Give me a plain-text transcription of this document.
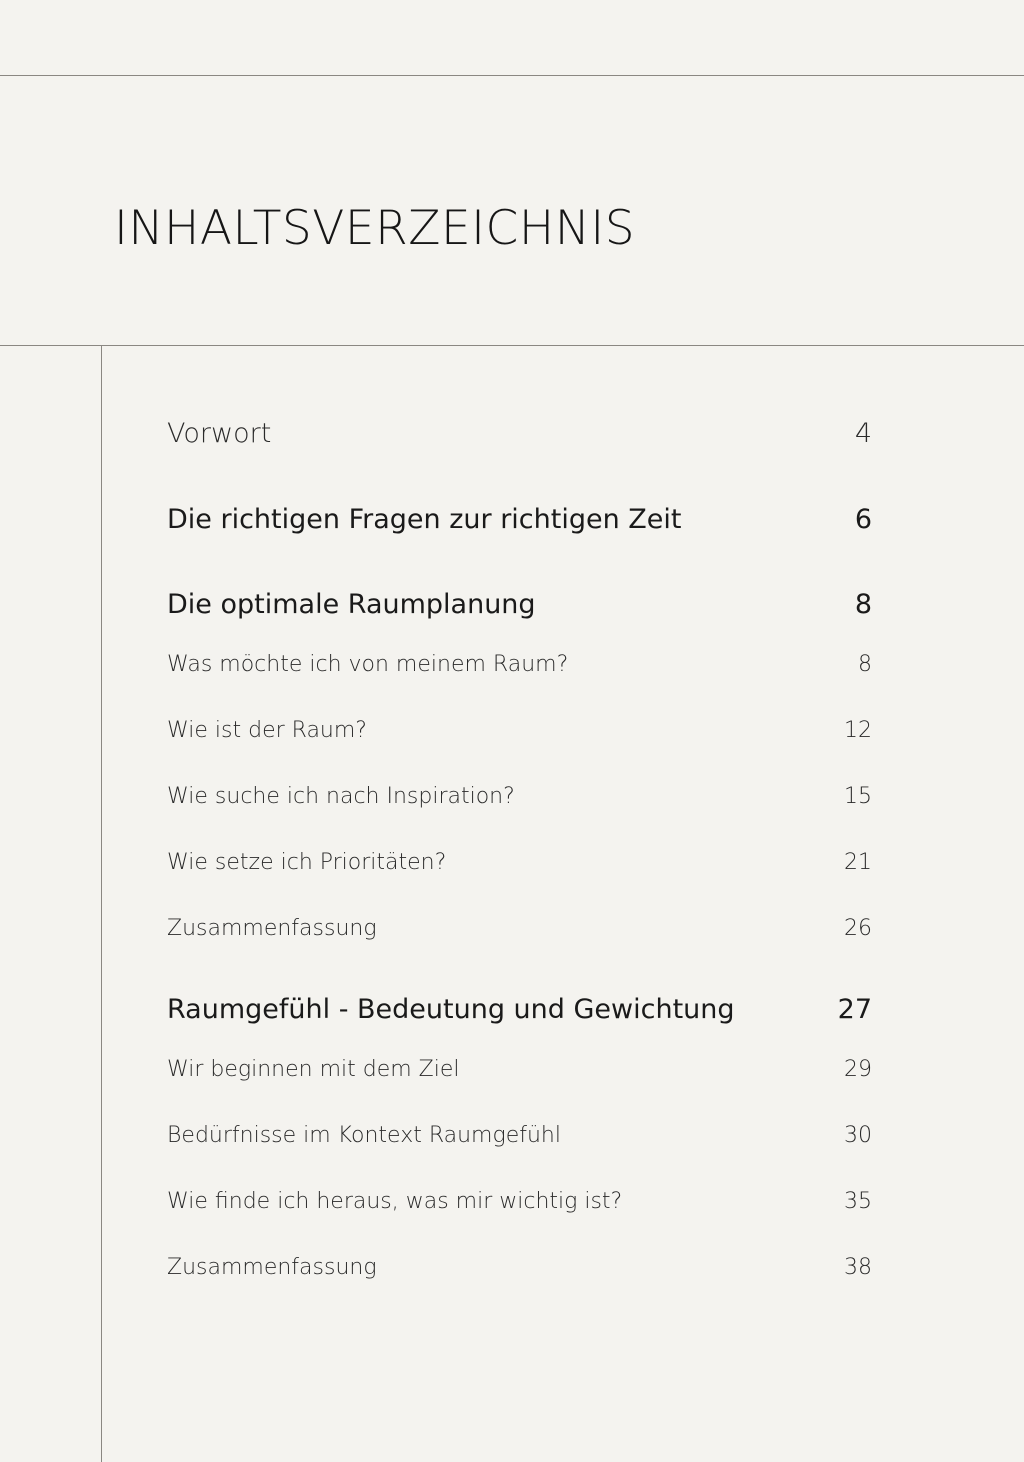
INHALTSVERZEICHNIS
Vorwort	4
Die richtigen Fragen zur richtigen Zeit	6
Die optimale Raumplanung	8
Was möchte ich von meinem Raum?	8
Wie ist der Raum?	12
Wie suche ich nach Inspiration?	15
Wie setze ich Prioritäten?	21
Zusammenfassung	26
Raumgefühl - Bedeutung und Gewichtung	27
Wir beginnen mit dem Ziel	29
Bedürfnisse im Kontext Raumgefühl	30
Wie finde ich heraus, was mir wichtig ist?	35
Zusammenfassung	38
